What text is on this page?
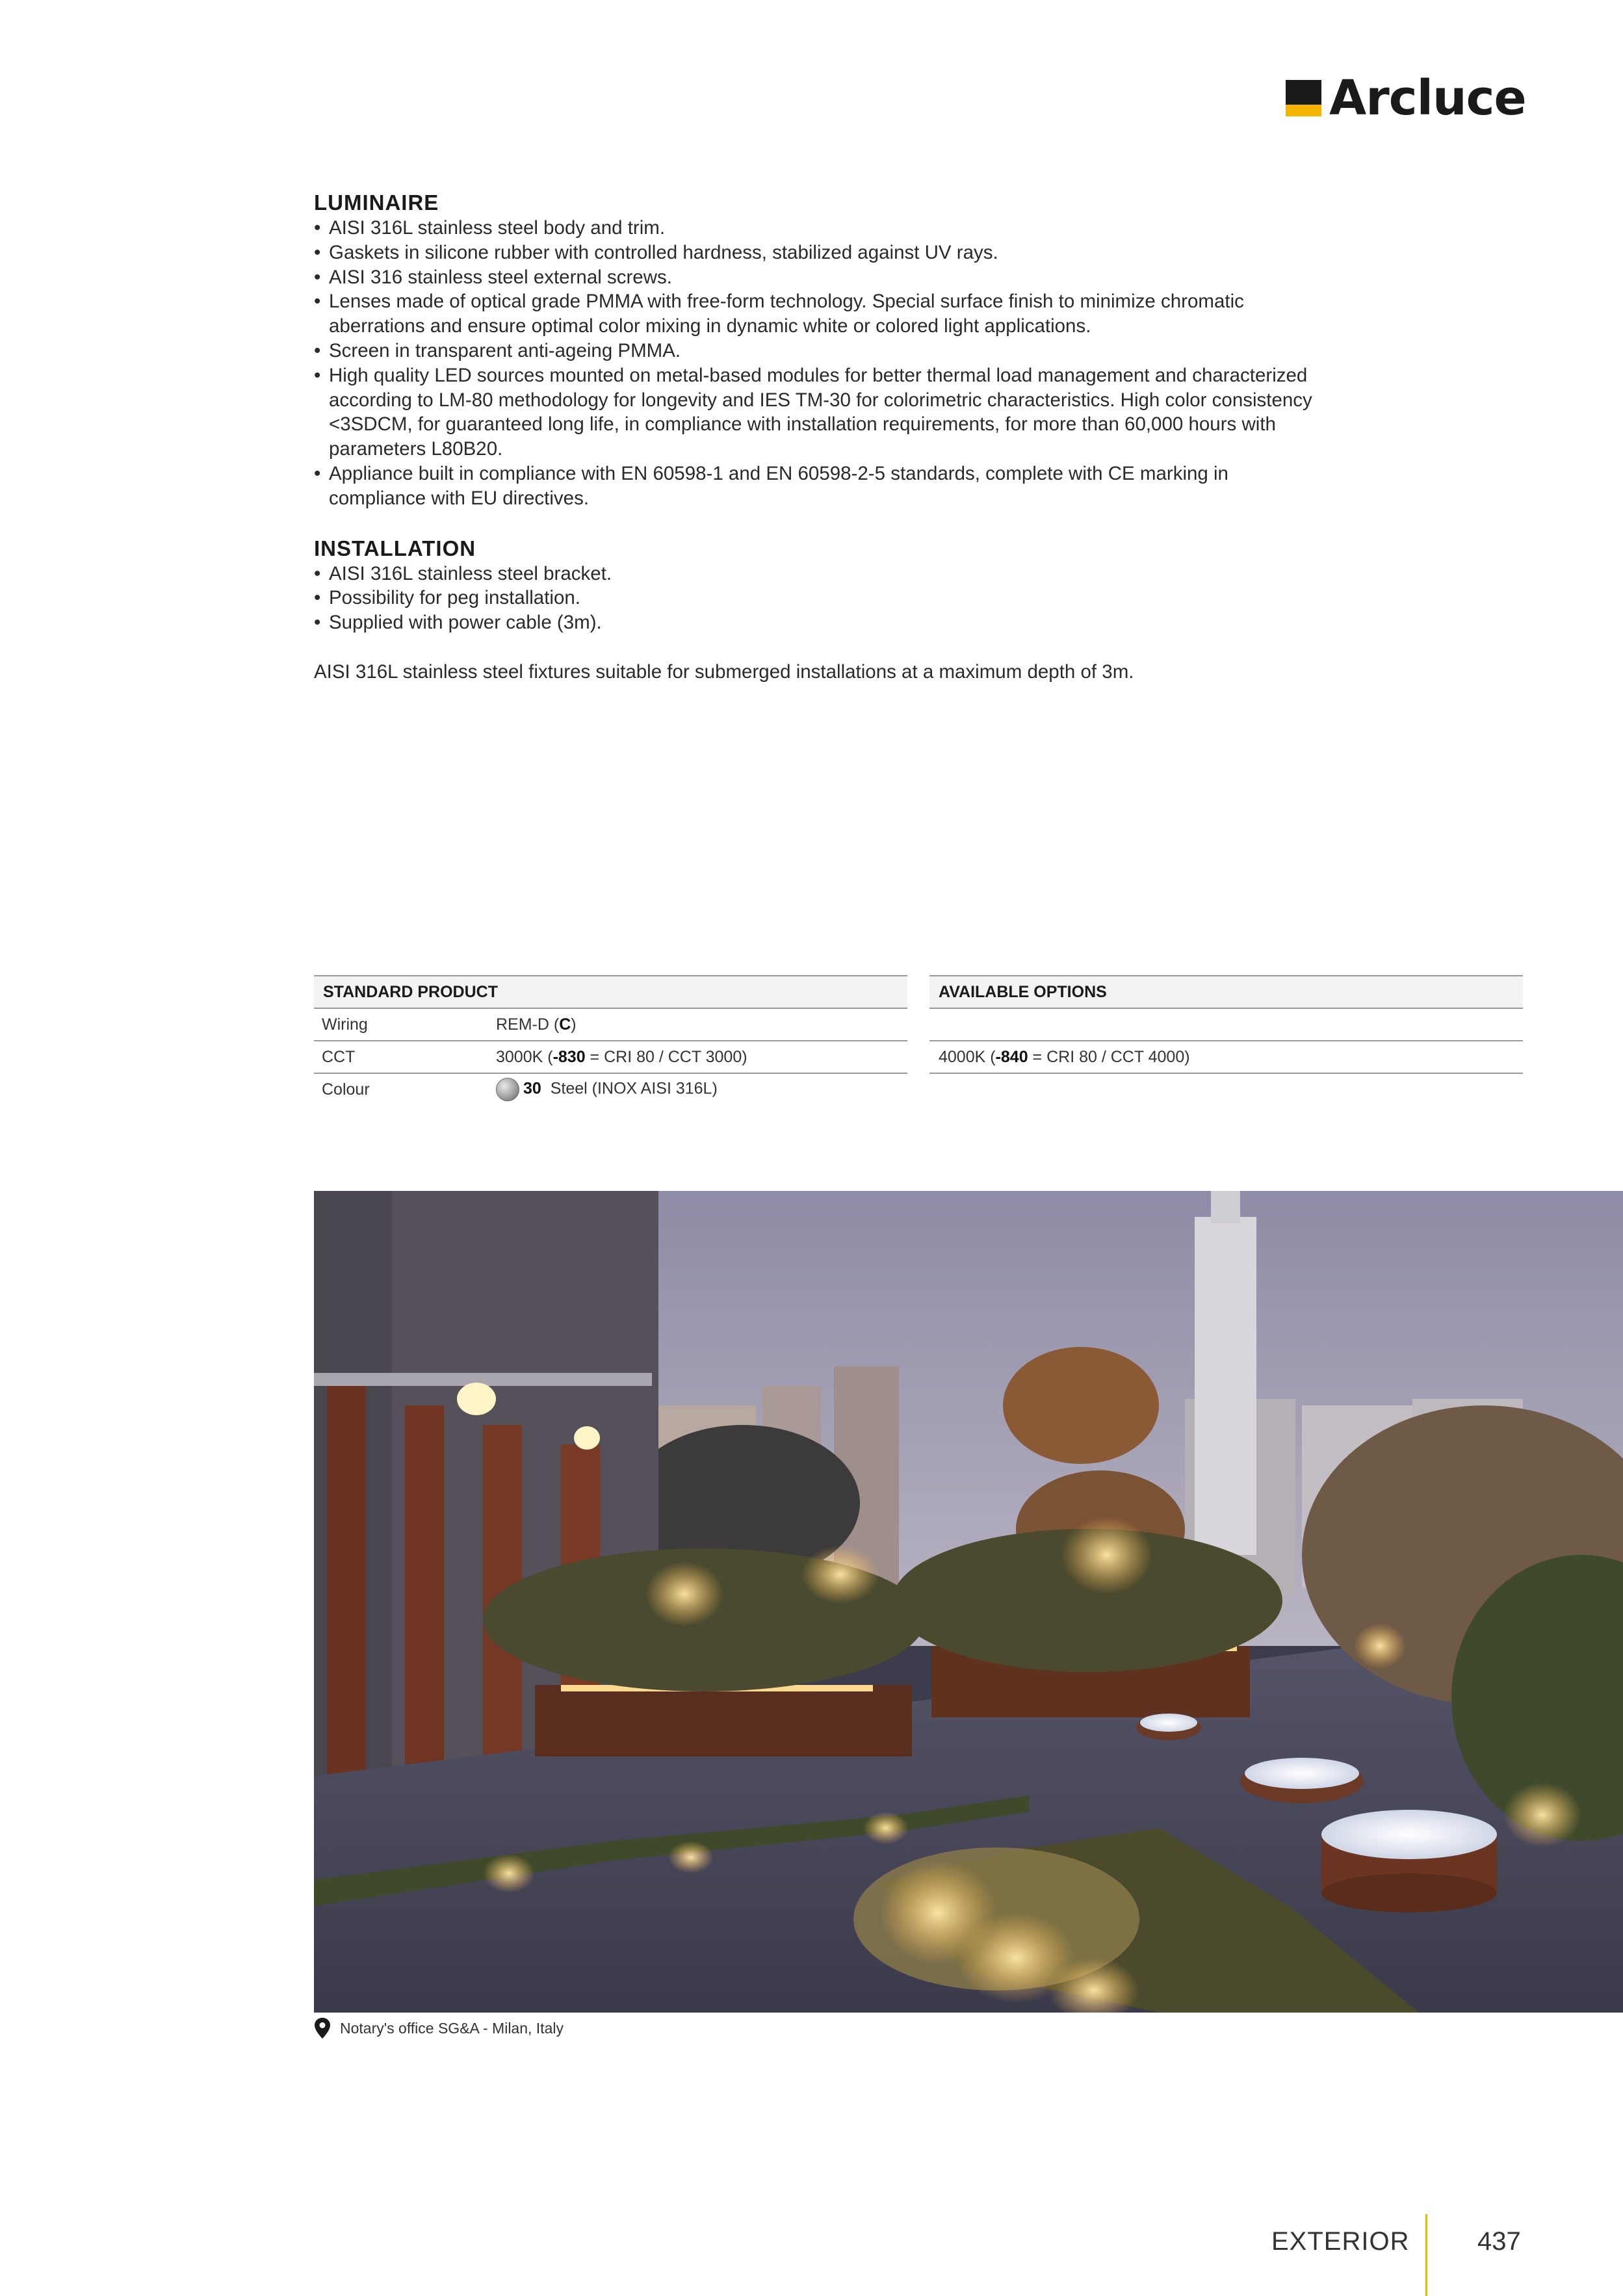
Arcluce
LUMINAIRE
• AISI 316L stainless steel body and trim.
• Gaskets in silicone rubber with controlled hardness, stabilized against UV rays.
• AISI 316 stainless steel external screws.
• Lenses made of optical grade PMMA with free-form technology. Special surface finish to minimize chromatic aberrations and ensure optimal color mixing in dynamic white or colored light applications.
• Screen in transparent anti-ageing PMMA.
• High quality LED sources mounted on metal-based modules for better thermal load management and characterized according to LM-80 methodology for longevity and IES TM-30 for colorimetric characteristics. High color consistency <3SDCM, for guaranteed long life, in compliance with installation requirements, for more than 60,000 hours with parameters L80B20.
• Appliance built in compliance with EN 60598-1 and EN 60598-2-5 standards, complete with CE marking in compliance with EU directives.
INSTALLATION
• AISI 316L stainless steel bracket.
• Possibility for peg installation.
• Supplied with power cable (3m).

AISI 316L stainless steel fixtures suitable for submerged installations at a maximum depth of 3m.

STANDARD PRODUCT
Wiring	REM-D (C)
CCT	3000K (-830 = CRI 80 / CCT 3000)
Colour	30 Steel (INOX AISI 316L)
AVAILABLE OPTIONS
4000K (-840 = CRI 80 / CCT 4000)
Notary's office SG&A - Milan, Italy
EXTERIOR	437
